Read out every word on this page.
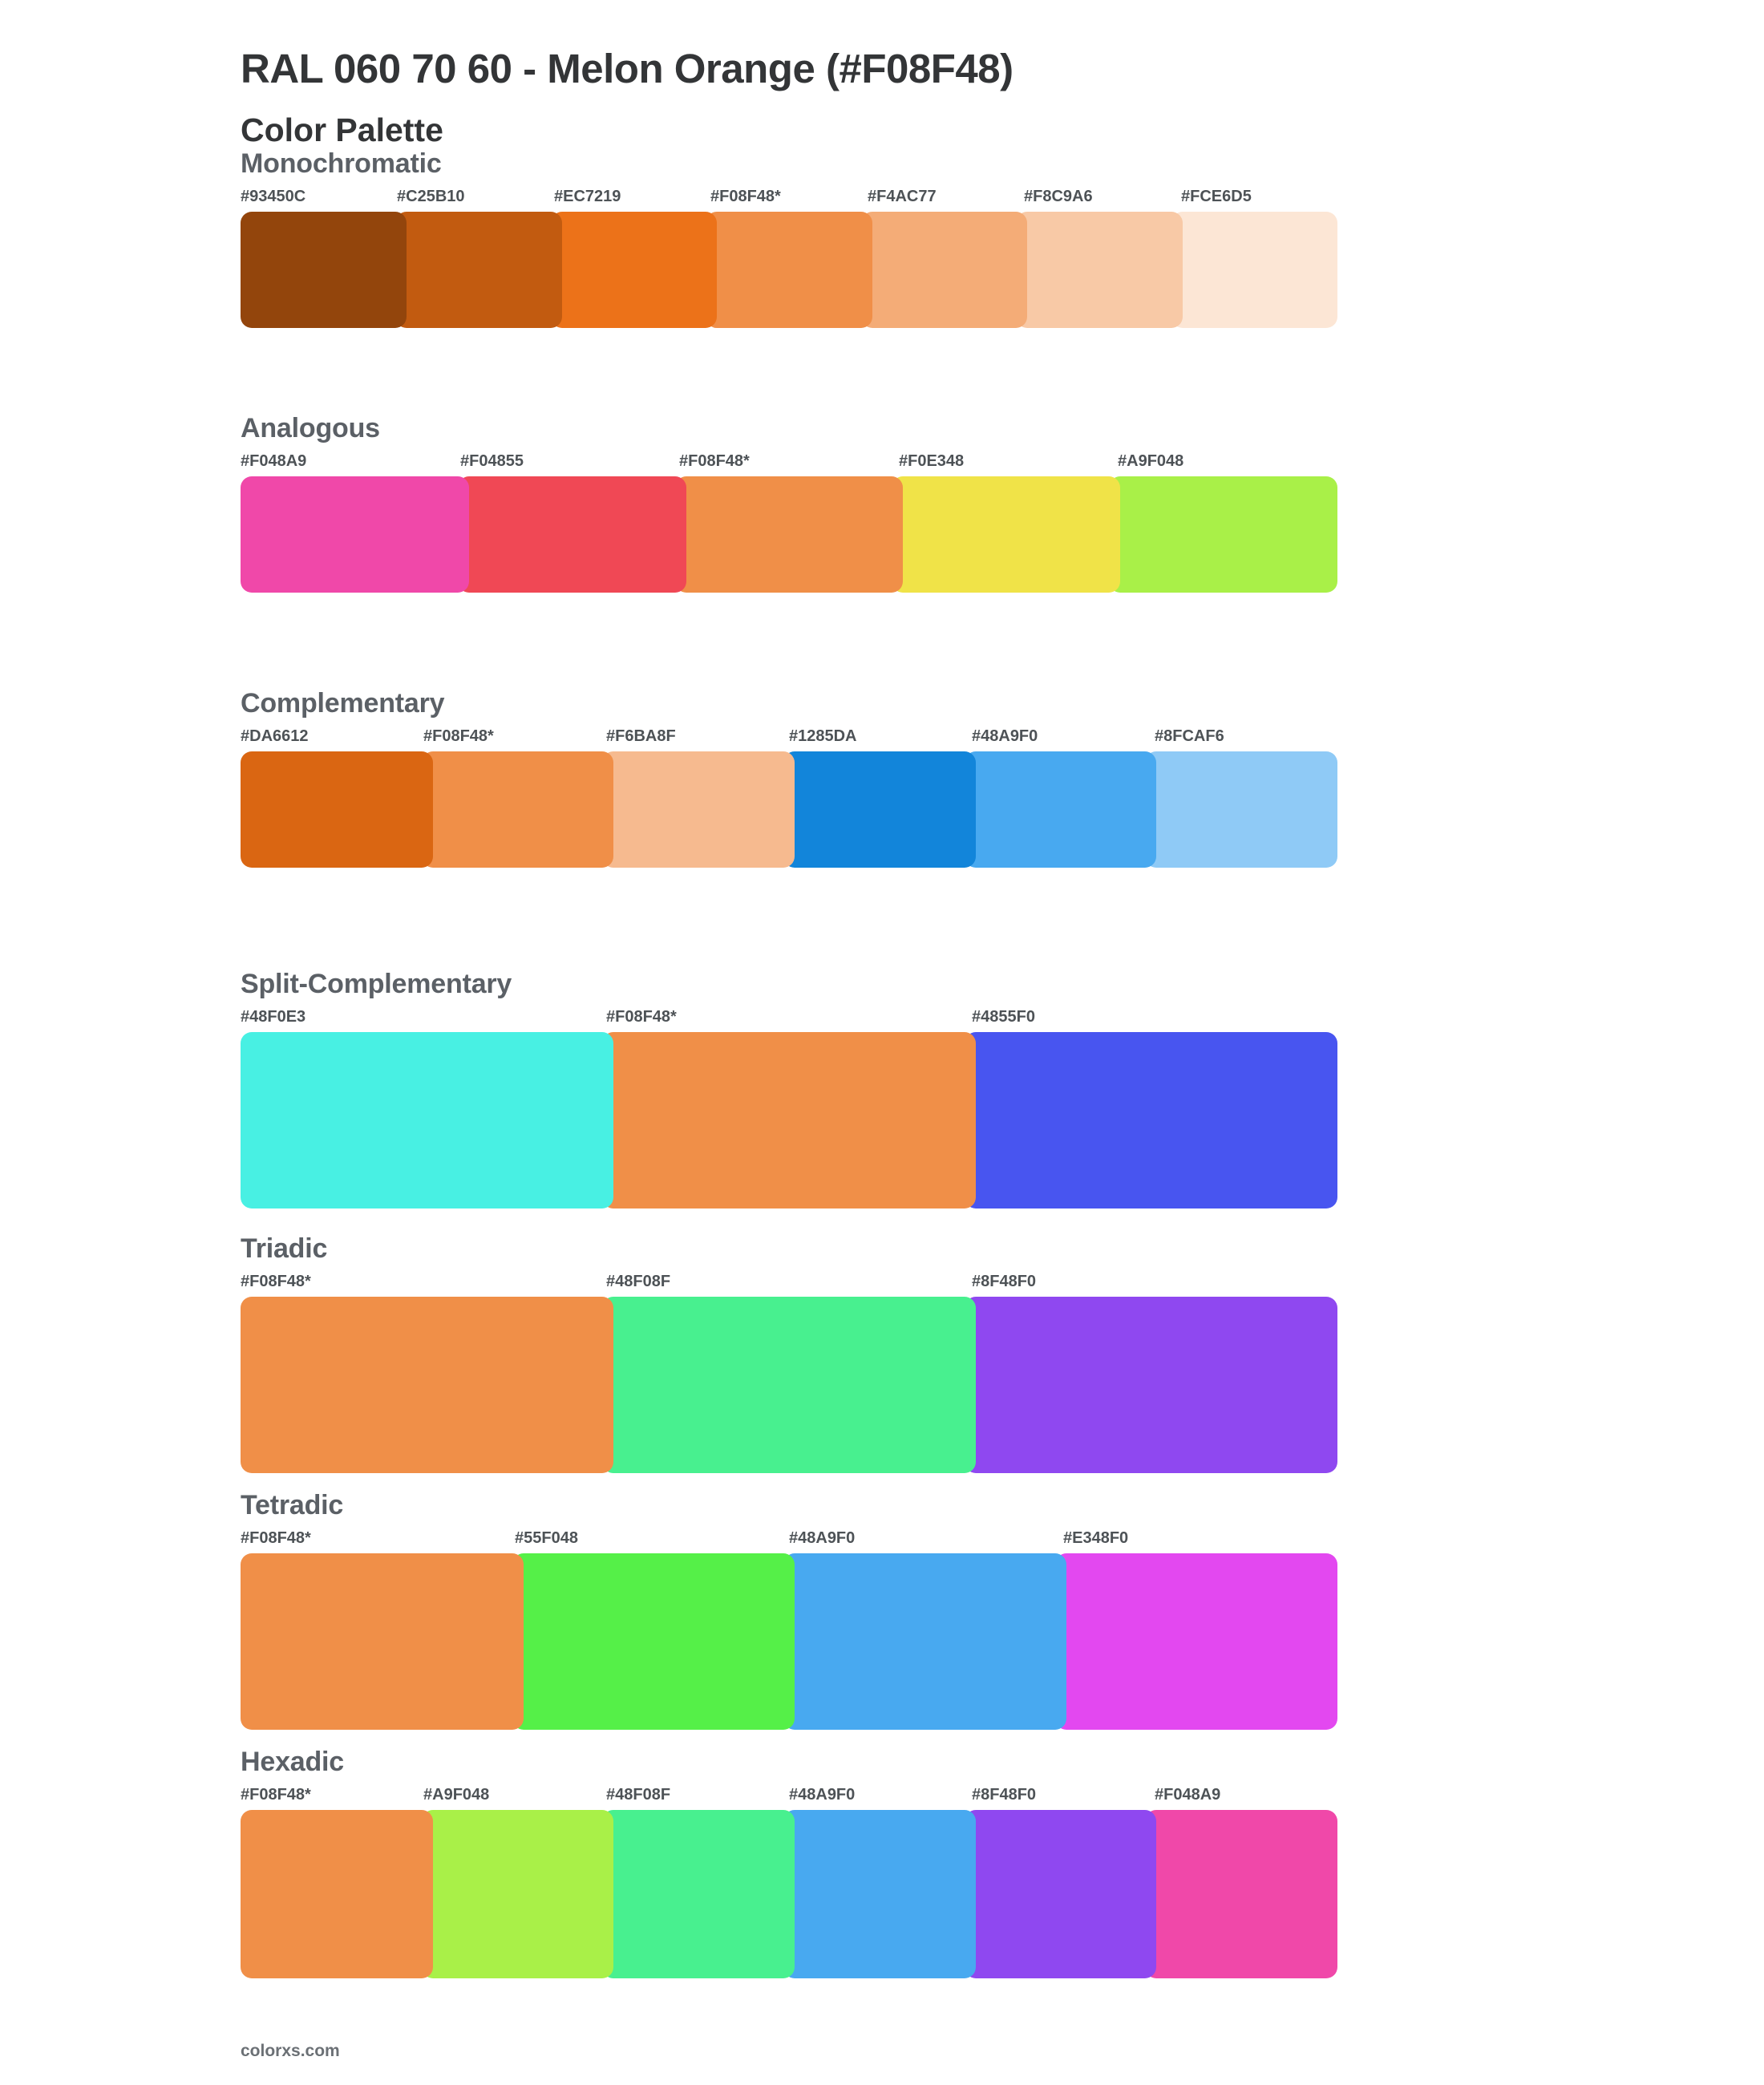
RAL 060 70 60 - Melon Orange (#F08F48)
Color Palette
Monochromatic
#93450C	#C25B10	#EC7219	#F08F48*	#F4AC77	#F8C9A6	#FCE6D5
Analogous
#F048A9	#F04855	#F08F48*	#F0E348	#A9F048
Complementary
#DA6612	#F08F48*	#F6BA8F	#1285DA	#48A9F0	#8FCAF6
Split-Complementary
#48F0E3	#F08F48*	#4855F0
Triadic
#F08F48*	#48F08F	#8F48F0
Tetradic
#F08F48*	#55F048	#48A9F0	#E348F0
Hexadic
#F08F48*	#A9F048	#48F08F	#48A9F0	#8F48F0	#F048A9
colorxs.com
